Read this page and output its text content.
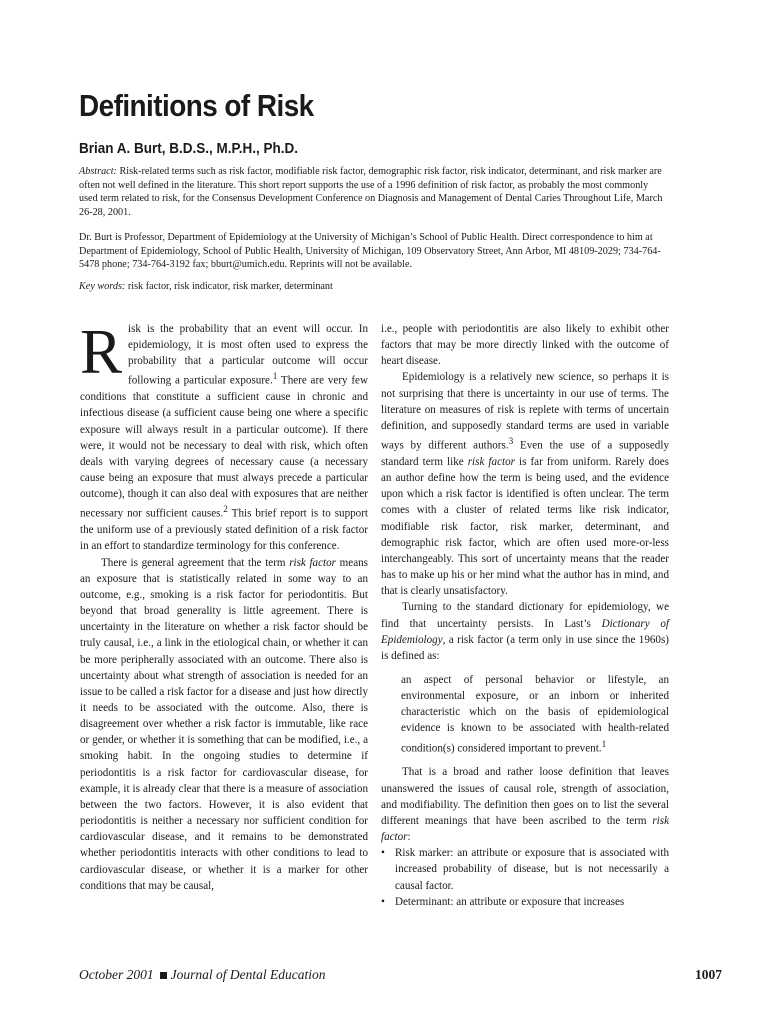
Definitions of Risk

Brian A. Burt, B.D.S., M.P.H., Ph.D.

Abstract: Risk-related terms such as risk factor, modifiable risk factor, demographic risk factor, risk indicator, determinant, and risk marker are often not well defined in the literature. This short report supports the use of a 1996 definition of risk factor, as probably the most commonly used term related to risk, for the Consensus Development Conference on Diagnosis and Management of Dental Caries Throughout Life, March 26-28, 2001.

Dr. Burt is Professor, Department of Epidemiology at the University of Michigan’s School of Public Health. Direct correspondence to him at Department of Epidemiology, School of Public Health, University of Michigan, 109 Observatory Street, Ann Arbor, MI 48109-2029; 734-764-5478 phone; 734-764-3192 fax; bburt@umich.edu. Reprints will not be available.

Key words: risk factor, risk indicator, risk marker, determinant

Risk is the probability that an event will occur. In epidemiology, it is most often used to express the probability that a particular outcome will occur following a particular exposure.$^1$ There are very few conditions that constitute a sufficient cause in chronic and infectious disease (a sufficient cause being one where a specific exposure will always result in a particular outcome). If there were, it would not be necessary to deal with risk, which often deals with varying degrees of necessary cause (a necessary cause being an exposure that must always precede a particular outcome), though it can also deal with exposures that are neither necessary nor sufficient causes.$^2$ This brief report is to support the uniform use of a previously stated definition of a risk factor in an effort to standardize terminology for this conference.

There is general agreement that the term risk factor means an exposure that is statistically related in some way to an outcome, e.g., smoking is a risk factor for periodontitis. But beyond that broad generality is little agreement. There is uncertainty in the literature on whether a risk factor should be truly causal, i.e., a link in the etiological chain, or whether it can be more peripherally associated with an outcome. There also is uncertainty about what strength of association is needed for an issue to be called a risk factor for a disease and just how directly it needs to be associated with the outcome. Also, there is disagreement over whether a risk factor is immutable, like race or gender, or whether it is something that can be modified, i.e., a smoking habit. In the ongoing studies to determine if periodontitis is a risk factor for cardiovascular disease, for example, it is already clear that there is a measure of association between the two factors. However, it is also evident that periodontitis is neither a necessary nor sufficient condition for cardiovascular disease, and it remains to be demonstrated whether periodontitis interacts with other conditions to lead to cardiovascular disease, or whether it is a marker for other conditions that may be causal,

i.e., people with periodontitis are also likely to exhibit other factors that may be more directly linked with the outcome of heart disease.

Epidemiology is a relatively new science, so perhaps it is not surprising that there is uncertainty in our use of terms. The literature on measures of risk is replete with terms of uncertain definition, and supposedly standard terms are used in variable ways by different authors.$^3$ Even the use of a supposedly standard term like risk factor is far from uniform. Rarely does an author define how the term is being used, and the evidence upon which a risk factor is identified is often unclear. The term comes with a cluster of related terms like risk indicator, modifiable risk factor, risk marker, determinant, and demographic risk factor, which are often used more-or-less interchangeably. This sort of uncertainty means that the reader has to make up his or her mind what the author has in mind, and that is clearly unsatisfactory.

Turning to the standard dictionary for epidemiology, we find that uncertainty persists. In Last’s Dictionary of Epidemiology, a risk factor (a term only in use since the 1960s) is defined as:

an aspect of personal behavior or lifestyle, an environmental exposure, or an inborn or inherited characteristic which on the basis of epidemiological evidence is known to be associated with health-related condition(s) considered important to prevent.$^1$

That is a broad and rather loose definition that leaves unanswered the issues of causal role, strength of association, and modifiability. The definition then goes on to list the several different meanings that have been ascribed to the term risk factor:

• Risk marker: an attribute or exposure that is associated with increased probability of disease, but is not necessarily a causal factor.
• Determinant: an attribute or exposure that increases
October 2001 Journal of Dental Education	1007
